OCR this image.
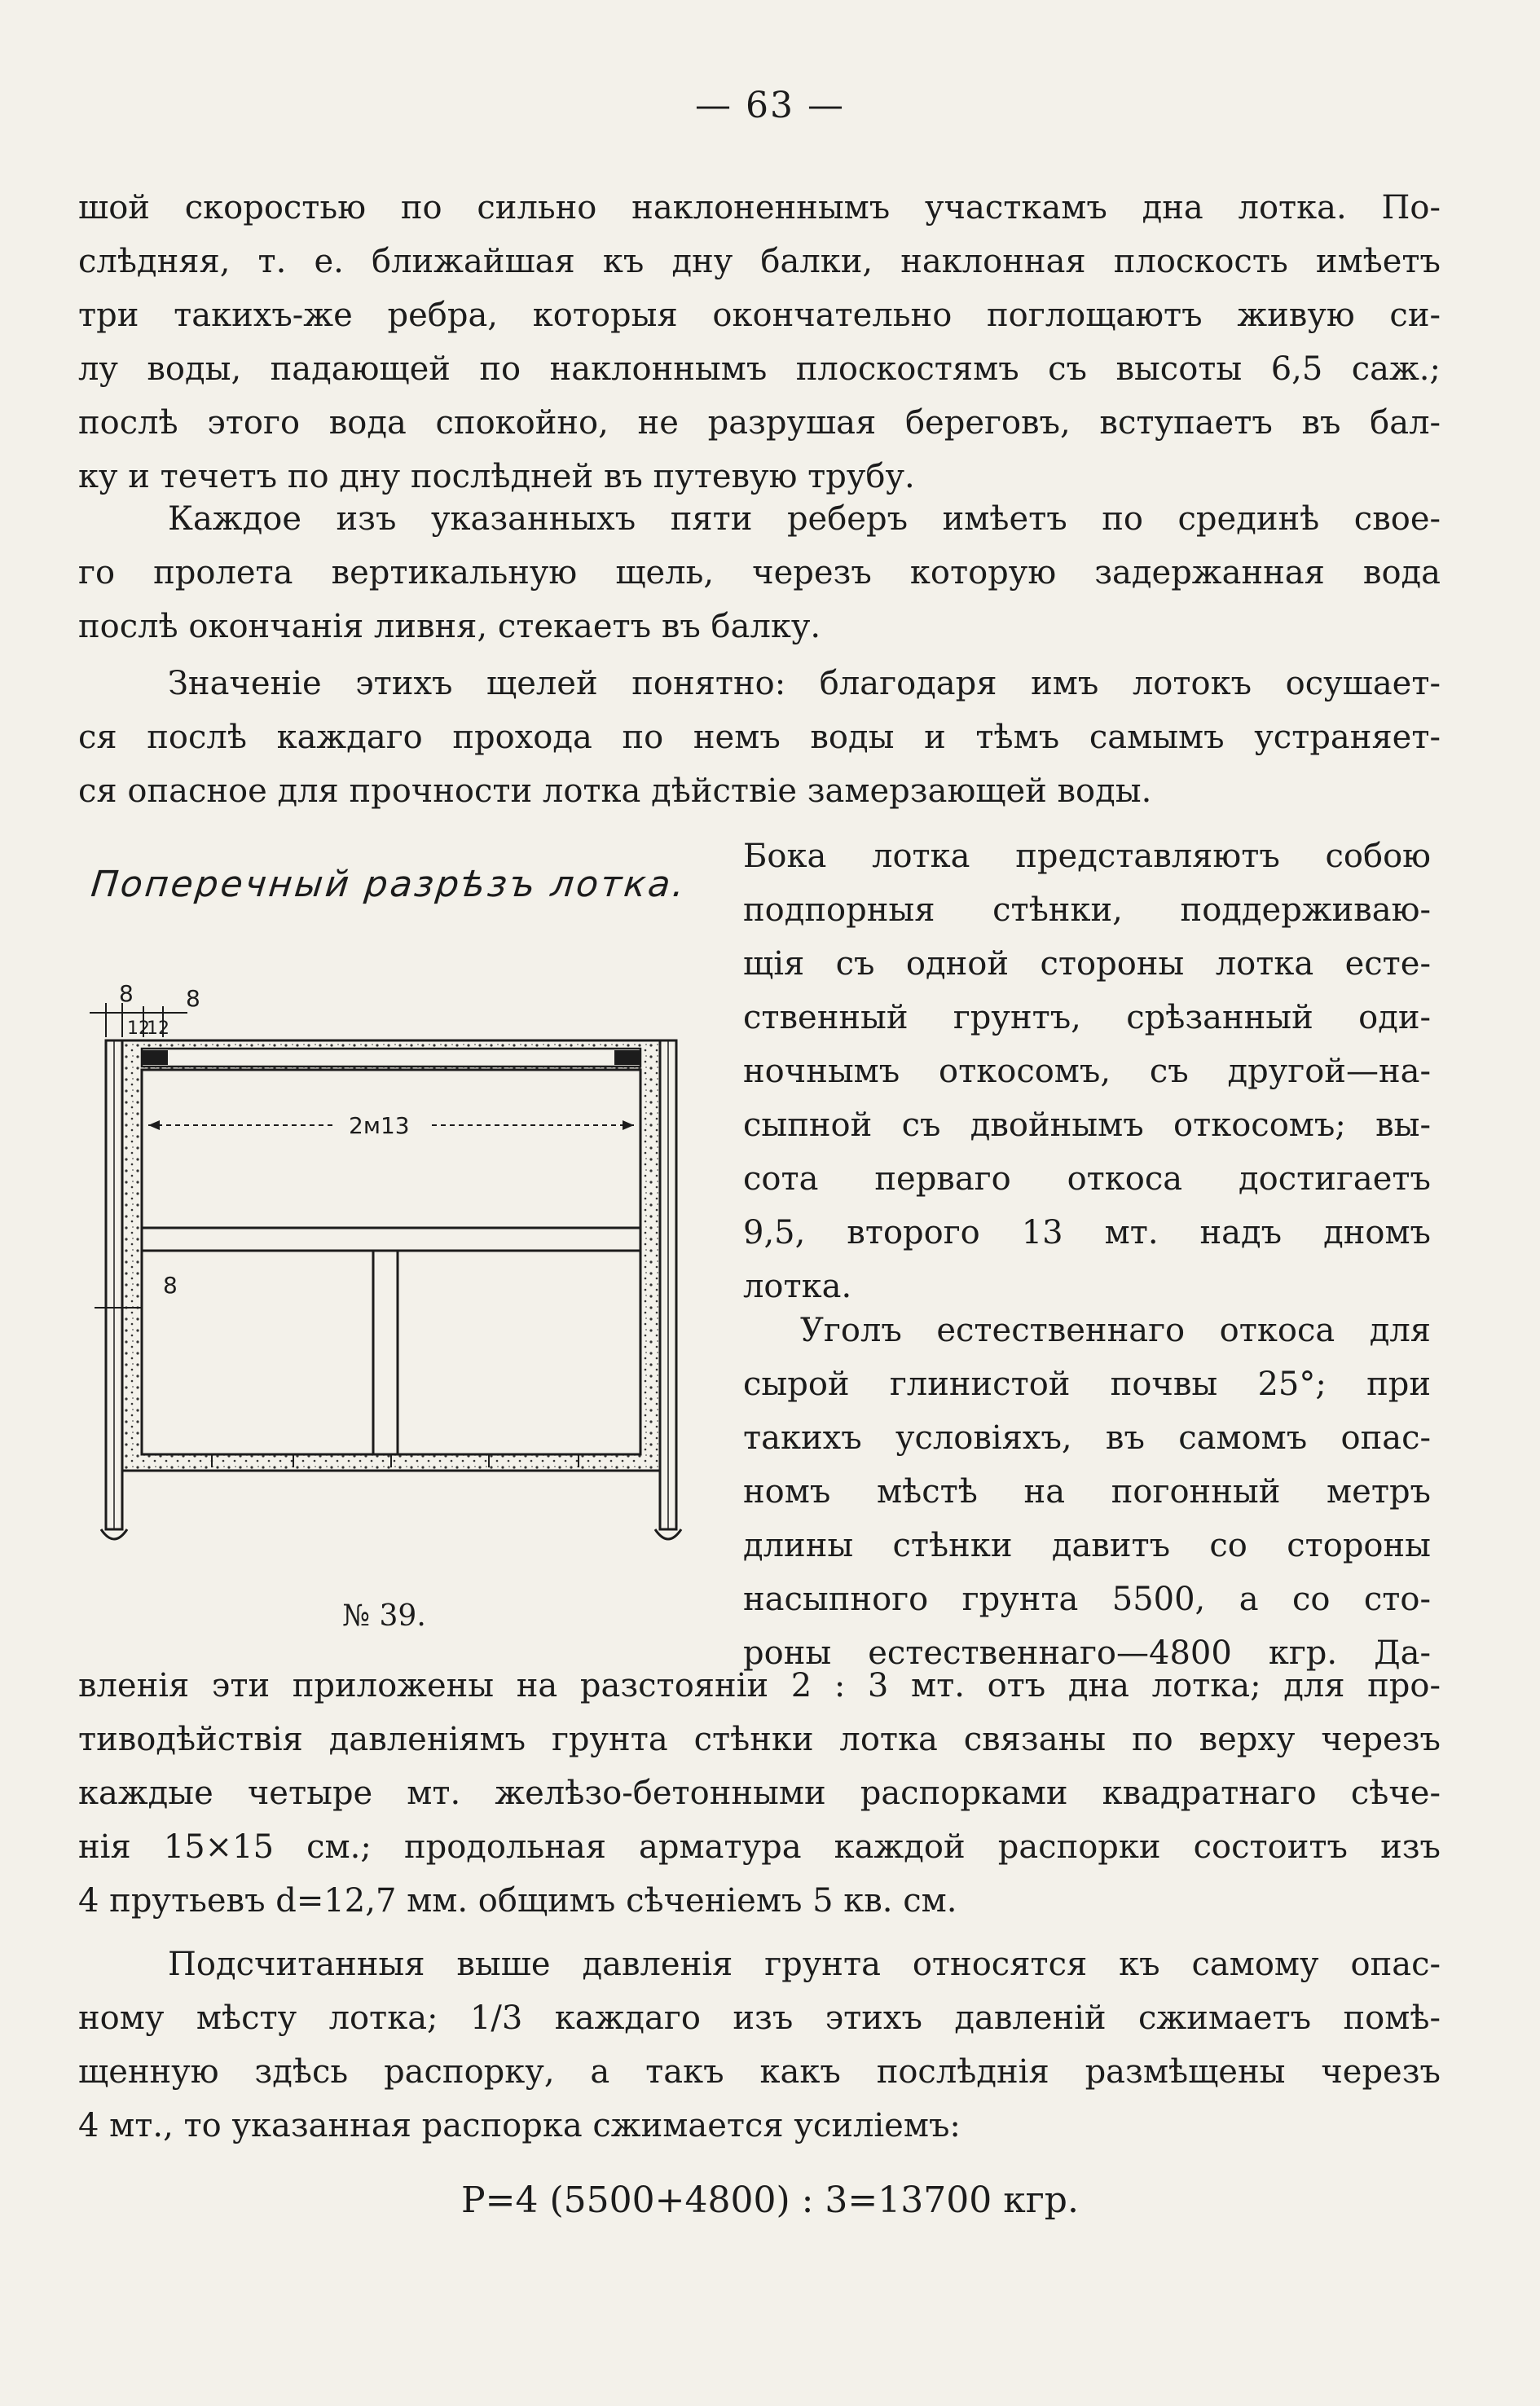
— 63 —
шой скоростью по сильно наклоненнымъ участкамъ дна лотка. По-
слѣдняя, т. е. ближайшая къ дну балки, наклонная плоскость имѣетъ
три такихъ-же ребра, которыя окончательно поглощаютъ живую си-
лу воды, падающей по наклоннымъ плоскостямъ съ высоты 6,5 саж.;
послѣ этого вода спокойно, не разрушая береговъ, вступаетъ въ бал-
ку и течетъ по дну послѣдней въ путевую трубу.
Каждое изъ указанныхъ пяти реберъ имѣетъ по срединѣ свое-
го пролета вертикальную щель, черезъ которую задержанная вода
послѣ окончанія ливня, стекаетъ въ балку.
Значеніе этихъ щелей понятно: благодаря имъ лотокъ осушает-
ся послѣ каждаго прохода по немъ воды и тѣмъ самымъ устраняет-
ся опасное для прочности лотка дѣйствіе замерзающей воды.
Поперечный разрѣзъ лотка.
8
12
12
8
2м13
8
№ 39.
Бока лотка представляютъ собою
подпорныя стѣнки, поддерживаю-
щія съ одной стороны лотка есте-
ственный грунтъ, срѣзанный оди-
ночнымъ откосомъ, съ другой—на-
сыпной съ двойнымъ откосомъ; вы-
сота перваго откоса достигаетъ
9,5, второго 13 мт. надъ дномъ
лотка.
Уголъ естественнаго откоса для
сырой глинистой почвы 25°; при
такихъ условіяхъ, въ самомъ опас-
номъ мѣстѣ на погонный метръ
длины стѣнки давитъ со стороны
насыпного грунта 5500, а со сто-
роны естественнаго—4800 кгр. Да-
вленія эти приложены на разстояніи 2 : 3 мт. отъ дна лотка; для про-
тиводѣйствія давленіямъ грунта стѣнки лотка связаны по верху черезъ
каждые четыре мт. желѣзо-бетонными распорками квадратнаго сѣче-
нія 15×15 см.; продольная арматура каждой распорки состоитъ изъ
4 прутьевъ d=12,7 мм. общимъ сѣченіемъ 5 кв. см.
Подсчитанныя выше давленія грунта относятся къ самому опас-
ному мѣсту лотка; 1/3 каждаго изъ этихъ давленій сжимаетъ помѣ-
щенную здѣсь распорку, а такъ какъ послѣднія размѣщены черезъ
4 мт., то указанная распорка сжимается усиліемъ:
P=4 (5500+4800) : 3=13700 кгр.
